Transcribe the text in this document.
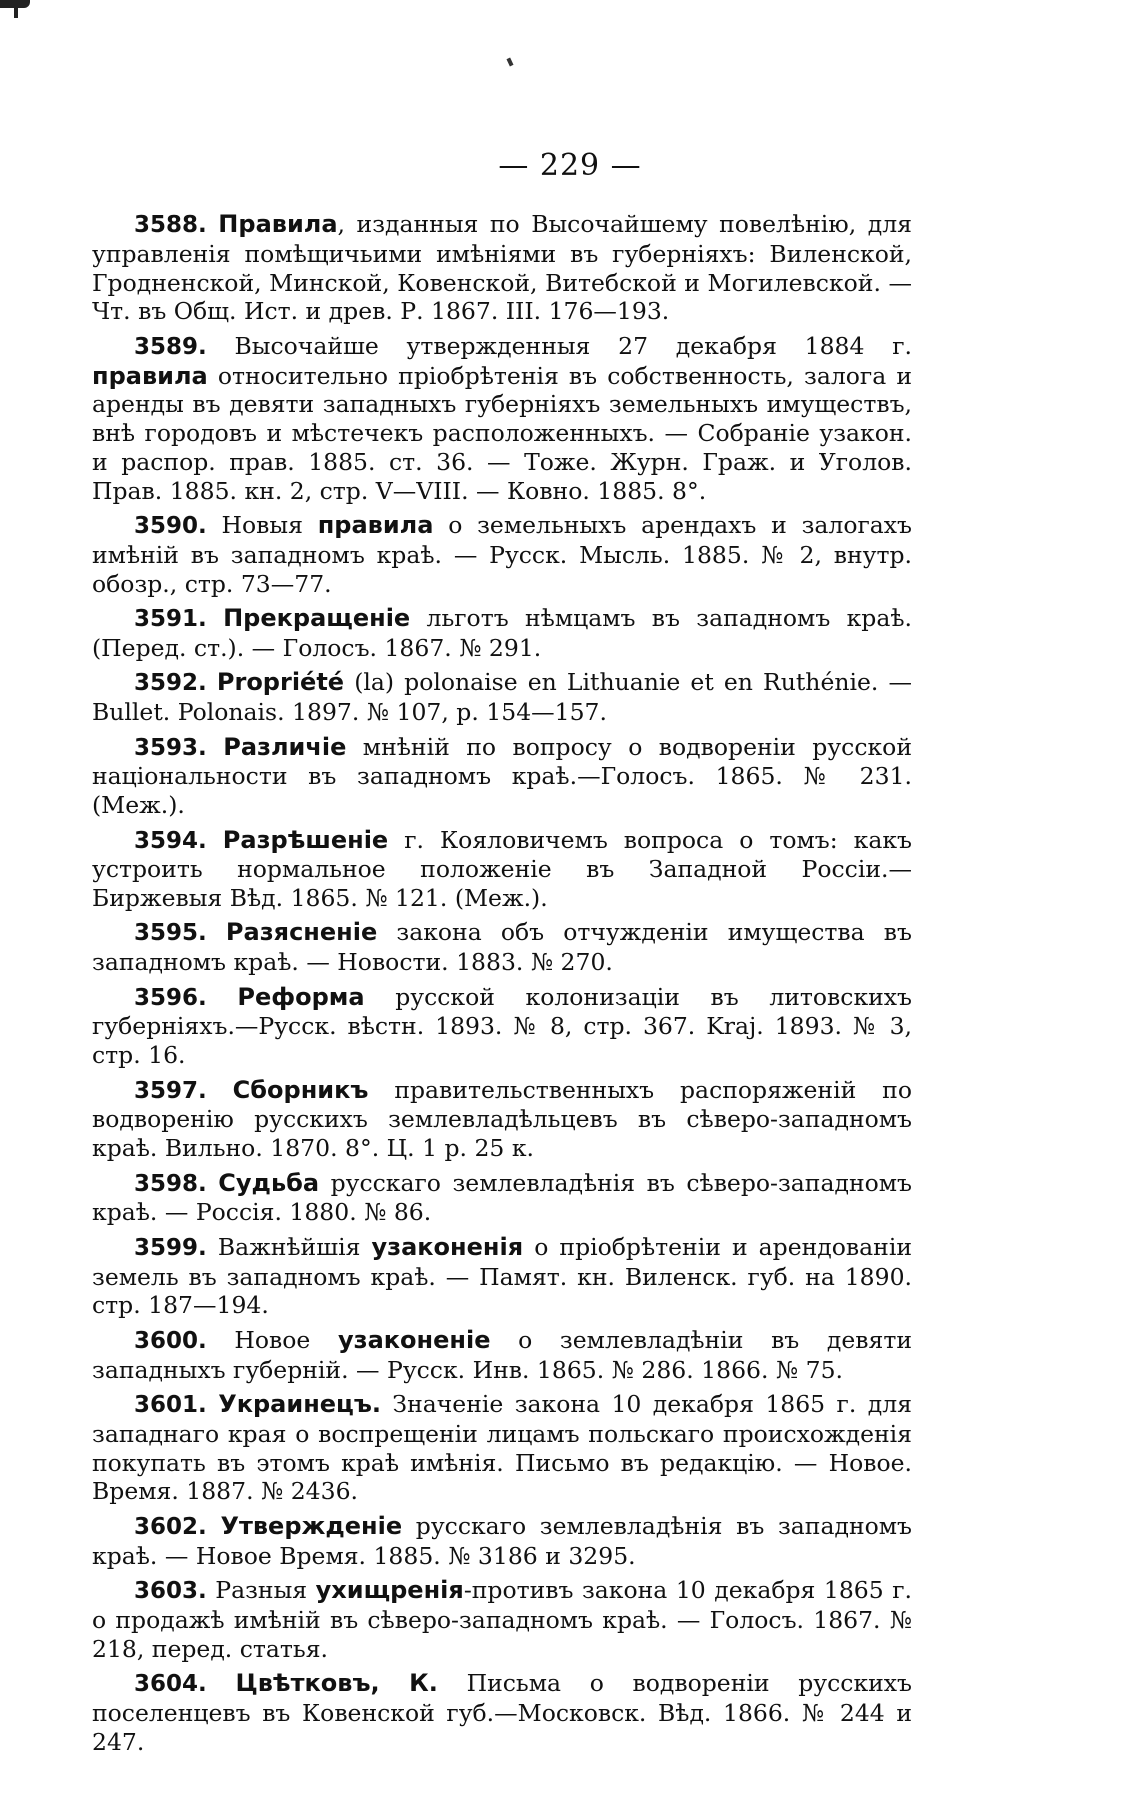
— 229 —

3588. Правила, изданныя по Высочайшему повелѣнію, для управленія помѣщичьими имѣніями въ губерніяхъ: Виленской, Гродненской, Минской, Ковенской, Витебской и Могилевской. — Чт. въ Общ. Ист. и древ. Р. 1867. III. 176—193.

3589. Высочайше утвержденныя 27 декабря 1884 г. правила относительно пріобрѣтенія въ собственность, залога и аренды въ девяти западныхъ губерніяхъ земельныхъ имуществъ, внѣ городовъ и мѣстечекъ расположенныхъ. — Собраніе узакон. и распор. прав. 1885. ст. 36. — Тоже. Журн. Граж. и Уголов. Прав. 1885. кн. 2, стр. V—VIII. — Ковно. 1885. 8°.

3590. Новыя правила о земельныхъ арендахъ и залогахъ имѣній въ западномъ краѣ. — Русск. Мысль. 1885. № 2, внутр. обозр., стр. 73—77.

3591. Прекращеніе льготъ нѣмцамъ въ западномъ краѣ. (Перед. ст.). — Голосъ. 1867. № 291.

3592. Propriété (la) polonaise en Lithuanie et en Ruthénie. — Bullet. Polonais. 1897. № 107, p. 154—157.

3593. Различіе мнѣній по вопросу о водвореніи русской національности въ западномъ краѣ.—Голосъ. 1865. № 231. (Меж.).

3594. Разрѣшеніе г. Кояловичемъ вопроса о томъ: какъ устроить нормальное положеніе въ Западной Россіи.— Биржевыя Вѣд. 1865. № 121. (Меж.).

3595. Разясненіе закона объ отчужденіи имущества въ западномъ краѣ. — Новости. 1883. № 270.

3596. Реформа русской колонизаціи въ литовскихъ губерніяхъ.—Русск. вѣстн. 1893. № 8, стр. 367. Kraj. 1893. № 3, стр. 16.

3597. Сборникъ правительственныхъ распоряженій по водворенію русскихъ землевладѣльцевъ въ сѣверо-западномъ краѣ. Вильно. 1870. 8°. Ц. 1 р. 25 к.

3598. Судьба русскаго землевладѣнія въ сѣверо-западномъ краѣ. — Россія. 1880. № 86.

3599. Важнѣйшія узаконенія о пріобрѣтеніи и арендованіи земель въ западномъ краѣ. — Памят. кн. Виленск. губ. на 1890. стр. 187—194.

3600. Новое узаконеніе о землевладѣніи въ девяти западныхъ губерній. — Русск. Инв. 1865. № 286. 1866. № 75.

3601. Украинецъ. Значеніе закона 10 декабря 1865 г. для западнаго края о воспрещеніи лицамъ польскаго происхожденія покупать въ этомъ краѣ имѣнія. Письмо въ редакцію. — Новое. Время. 1887. № 2436.

3602. Утвержденіе русскаго землевладѣнія въ западномъ краѣ. — Новое Время. 1885. № 3186 и 3295.

3603. Разныя ухищренія-противъ закона 10 декабря 1865 г. о продажѣ имѣній въ сѣверо-западномъ краѣ. — Голосъ. 1867. № 218, перед. статья.

3604. Цвѣтковъ, К. Письма о водвореніи русскихъ поселенцевъ въ Ковенской губ.—Московск. Вѣд. 1866. № 244 и 247.
